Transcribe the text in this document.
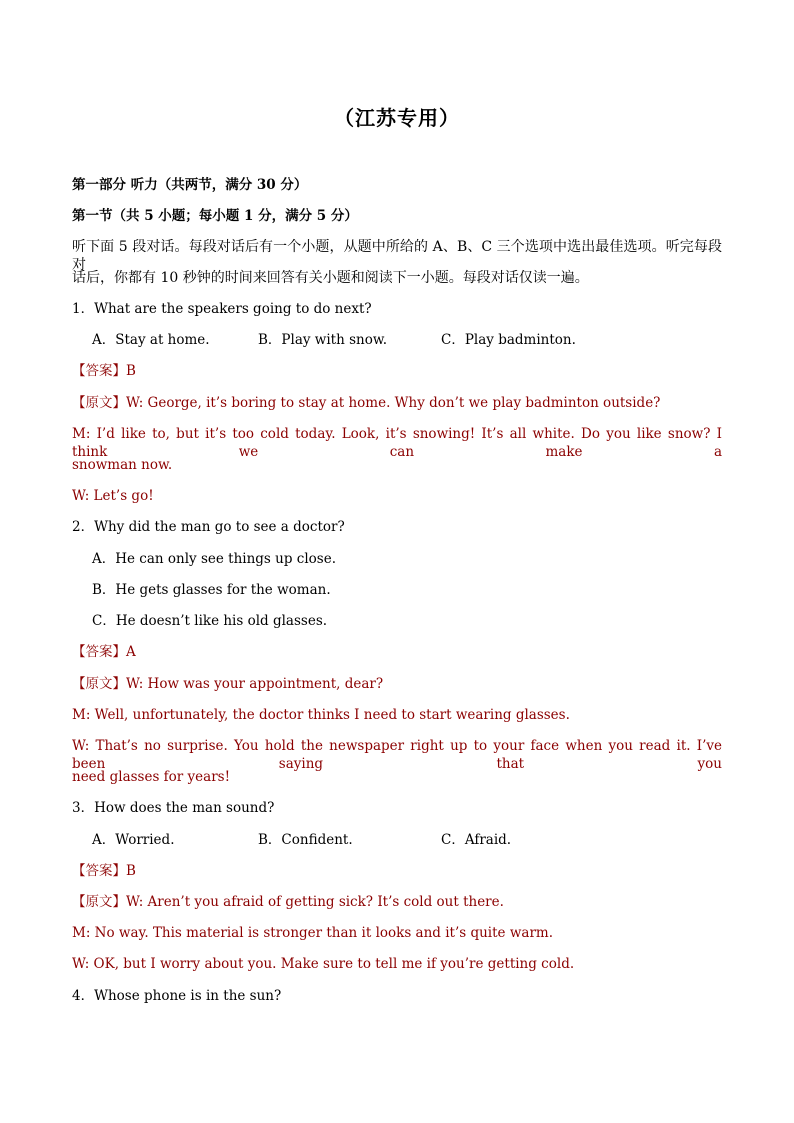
（江苏专用）
第一部分 听力（共两节，满分 30 分）
第一节（共 5 小题；每小题 1 分，满分 5 分）
听下面 5 段对话。每段对话后有一个小题，从题中所给的 A、B、C 三个选项中选出最佳选项。听完每段对
话后，你都有 10 秒钟的时间来回答有关小题和阅读下一小题。每段对话仅读一遍。
1．What are the speakers going to do next?
A．Stay at home.	B．Play with snow.	C．Play badminton.
【答案】B
【原文】W: George, it’s boring to stay at home. Why don’t we play badminton outside?
M: I’d like to, but it’s too cold today. Look, it’s snowing! It’s all white. Do you like snow? I think we can make a
snowman now.
W: Let’s go!
2．Why did the man go to see a doctor?
A．He can only see things up close.
B．He gets glasses for the woman.
C．He doesn’t like his old glasses.
【答案】A
【原文】W: How was your appointment, dear?
M: Well, unfortunately, the doctor thinks I need to start wearing glasses.
W: That’s no surprise. You hold the newspaper right up to your face when you read it. I’ve been saying that you
need glasses for years!
3．How does the man sound?
A．Worried.	B．Confident.	C．Afraid.
【答案】B
【原文】W: Aren’t you afraid of getting sick? It’s cold out there.
M: No way. This material is stronger than it looks and it’s quite warm.
W: OK, but I worry about you. Make sure to tell me if you’re getting cold.
4．Whose phone is in the sun?
